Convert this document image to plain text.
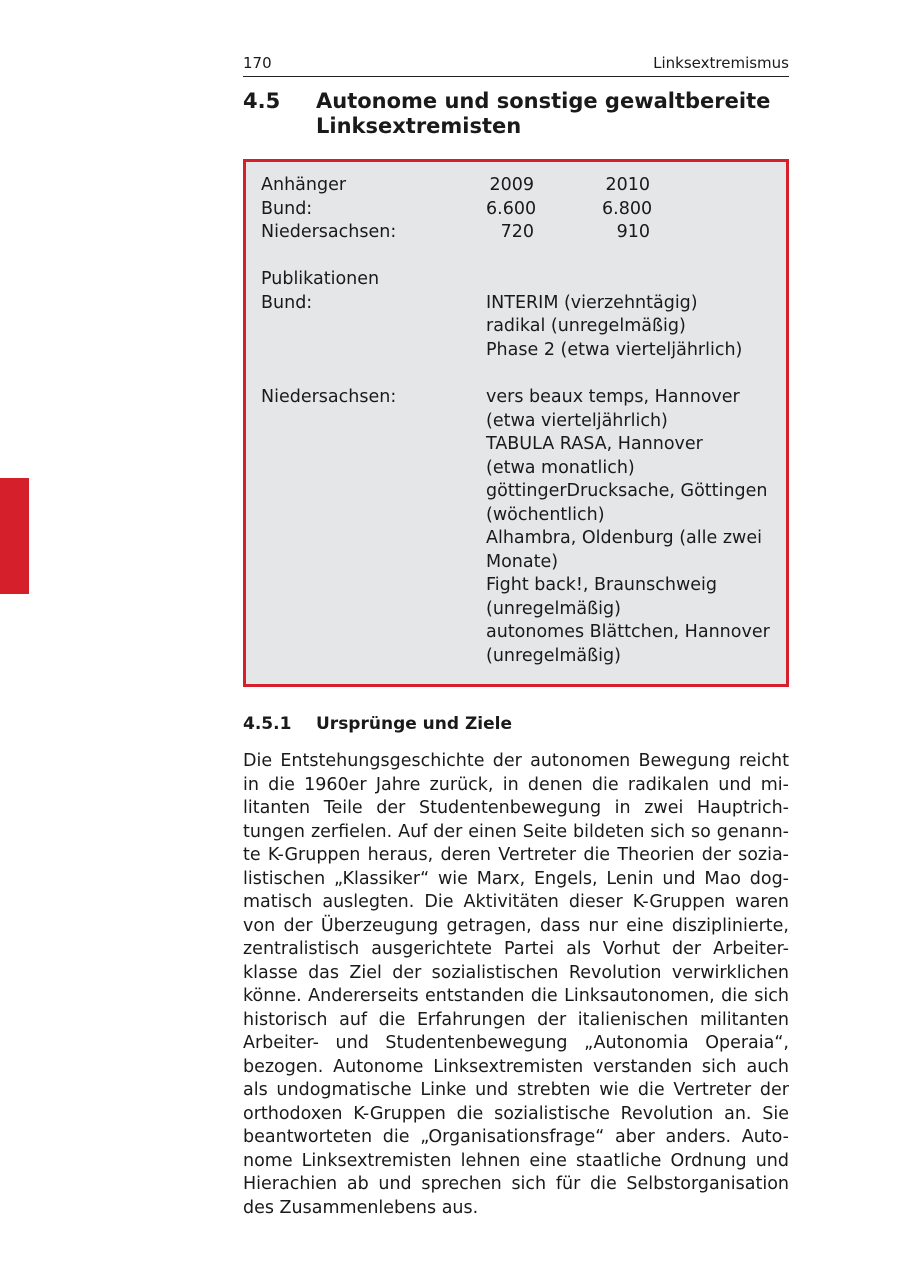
170	Linksextremismus
4.5 Autonome und sonstige gewaltbereite
Linksextremisten
Anhänger	2009	2010
Bund:	6.600	6.800
Niedersachsen:	720	910
Publikationen
Bund:	INTERIM (vierzehntägig)
radikal (unregelmäßig)
Phase 2 (etwa vierteljährlich)
Niedersachsen:	vers beaux temps, Hannover
(etwa vierteljährlich)
TABULA RASA, Hannover
(etwa monatlich)
göttingerDrucksache, Göttingen
(wöchentlich)
Alhambra, Oldenburg (alle zwei
Monate)
Fight back!, Braunschweig
(unregelmäßig)
autonomes Blättchen, Hannover
(unregelmäßig)
4.5.1 Ursprünge und Ziele
Die Entstehungsgeschichte der autonomen Bewegung reicht
in die 1960er Jahre zurück, in denen die radikalen und mi-
litanten Teile der Studentenbewegung in zwei Hauptrich-
tungen zerfielen. Auf der einen Seite bildeten sich so genann-
te K-Gruppen heraus, deren Vertreter die Theorien der sozia-
listischen „Klassiker“ wie Marx, Engels, Lenin und Mao dog-
matisch auslegten. Die Aktivitäten dieser K-Gruppen waren
von der Überzeugung getragen, dass nur eine disziplinierte,
zentralistisch ausgerichtete Partei als Vorhut der Arbeiter-
klasse das Ziel der sozialistischen Revolution verwirklichen
könne. Andererseits entstanden die Linksautonomen, die sich
historisch auf die Erfahrungen der italienischen militanten
Arbeiter- und Studentenbewegung „Autonomia Operaia“,
bezogen. Autonome Linksextremisten verstanden sich auch
als undogmatische Linke und strebten wie die Vertreter der
orthodoxen K-Gruppen die sozialistische Revolution an. Sie
beantworteten die „Organisationsfrage“ aber anders. Auto-
nome Linksextremisten lehnen eine staatliche Ordnung und
Hierachien ab und sprechen sich für die Selbstorganisation
des Zusammenlebens aus.
